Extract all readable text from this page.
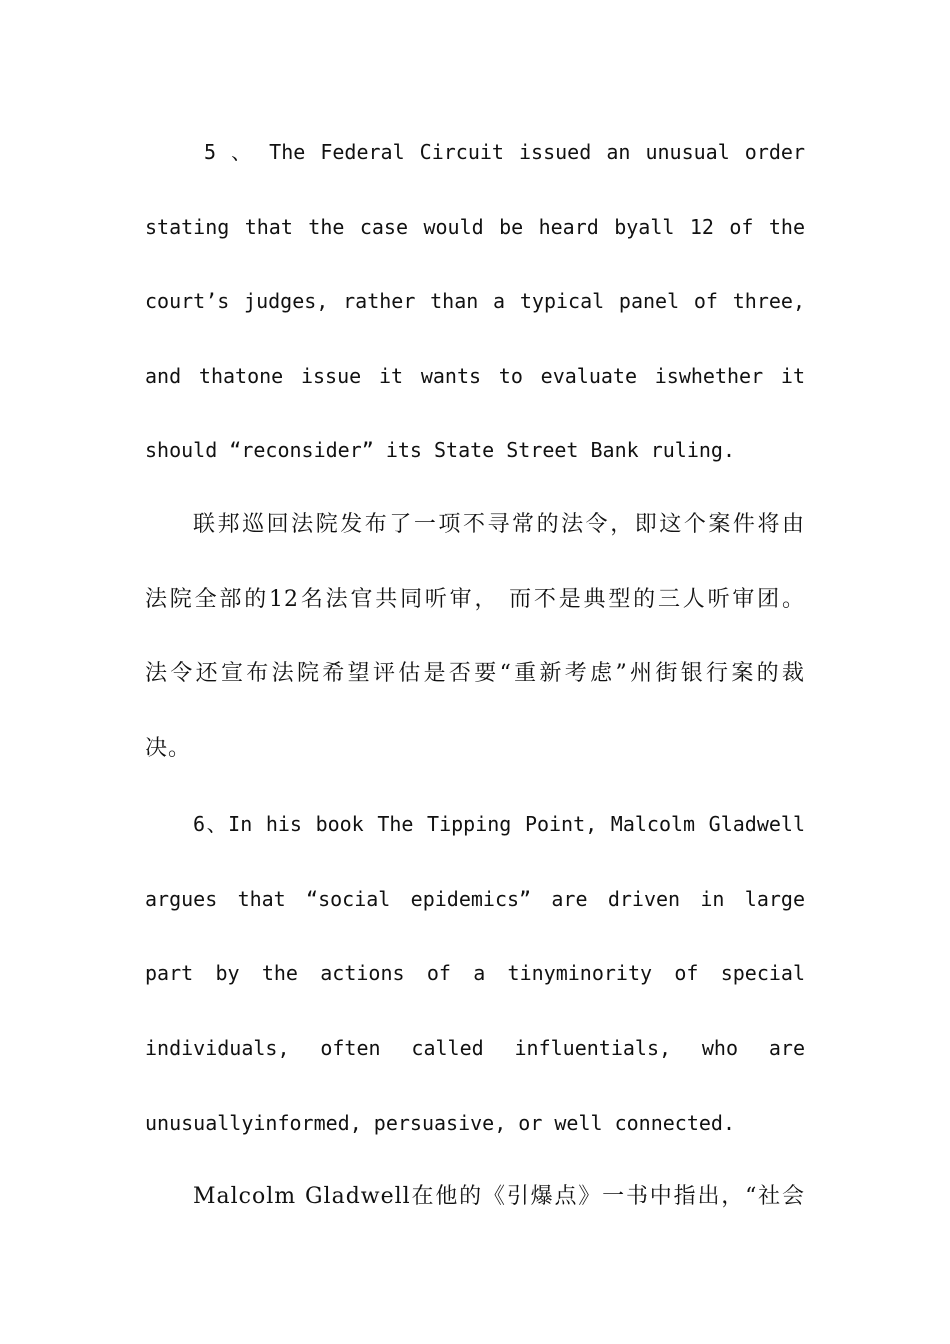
5 、 The Federal Circuit issued an unusual order
stating that the case would be heard byall 12 of the
court’s judges, rather than a typical panel of three,
and thatone issue it wants to evaluate iswhether it
should “reconsider” its State Street Bank ruling.
联邦巡回法院发布了一项不寻常的法令，即这个案件将由
法院全部的12名法官共同听审， 而不是典型的三人听审团。
法令还宣布法院希望评估是否要“重新考虑”州街银行案的裁
决。
6、In his book The Tipping Point, Malcolm Gladwell
argues that “social epidemics” are driven in large
part by the actions of a tinyminority of special
individuals, often called influentials, who are
unusuallyinformed, persuasive, or well connected.
Malcolm Gladwell在他的《引爆点》一书中指出，“社会
